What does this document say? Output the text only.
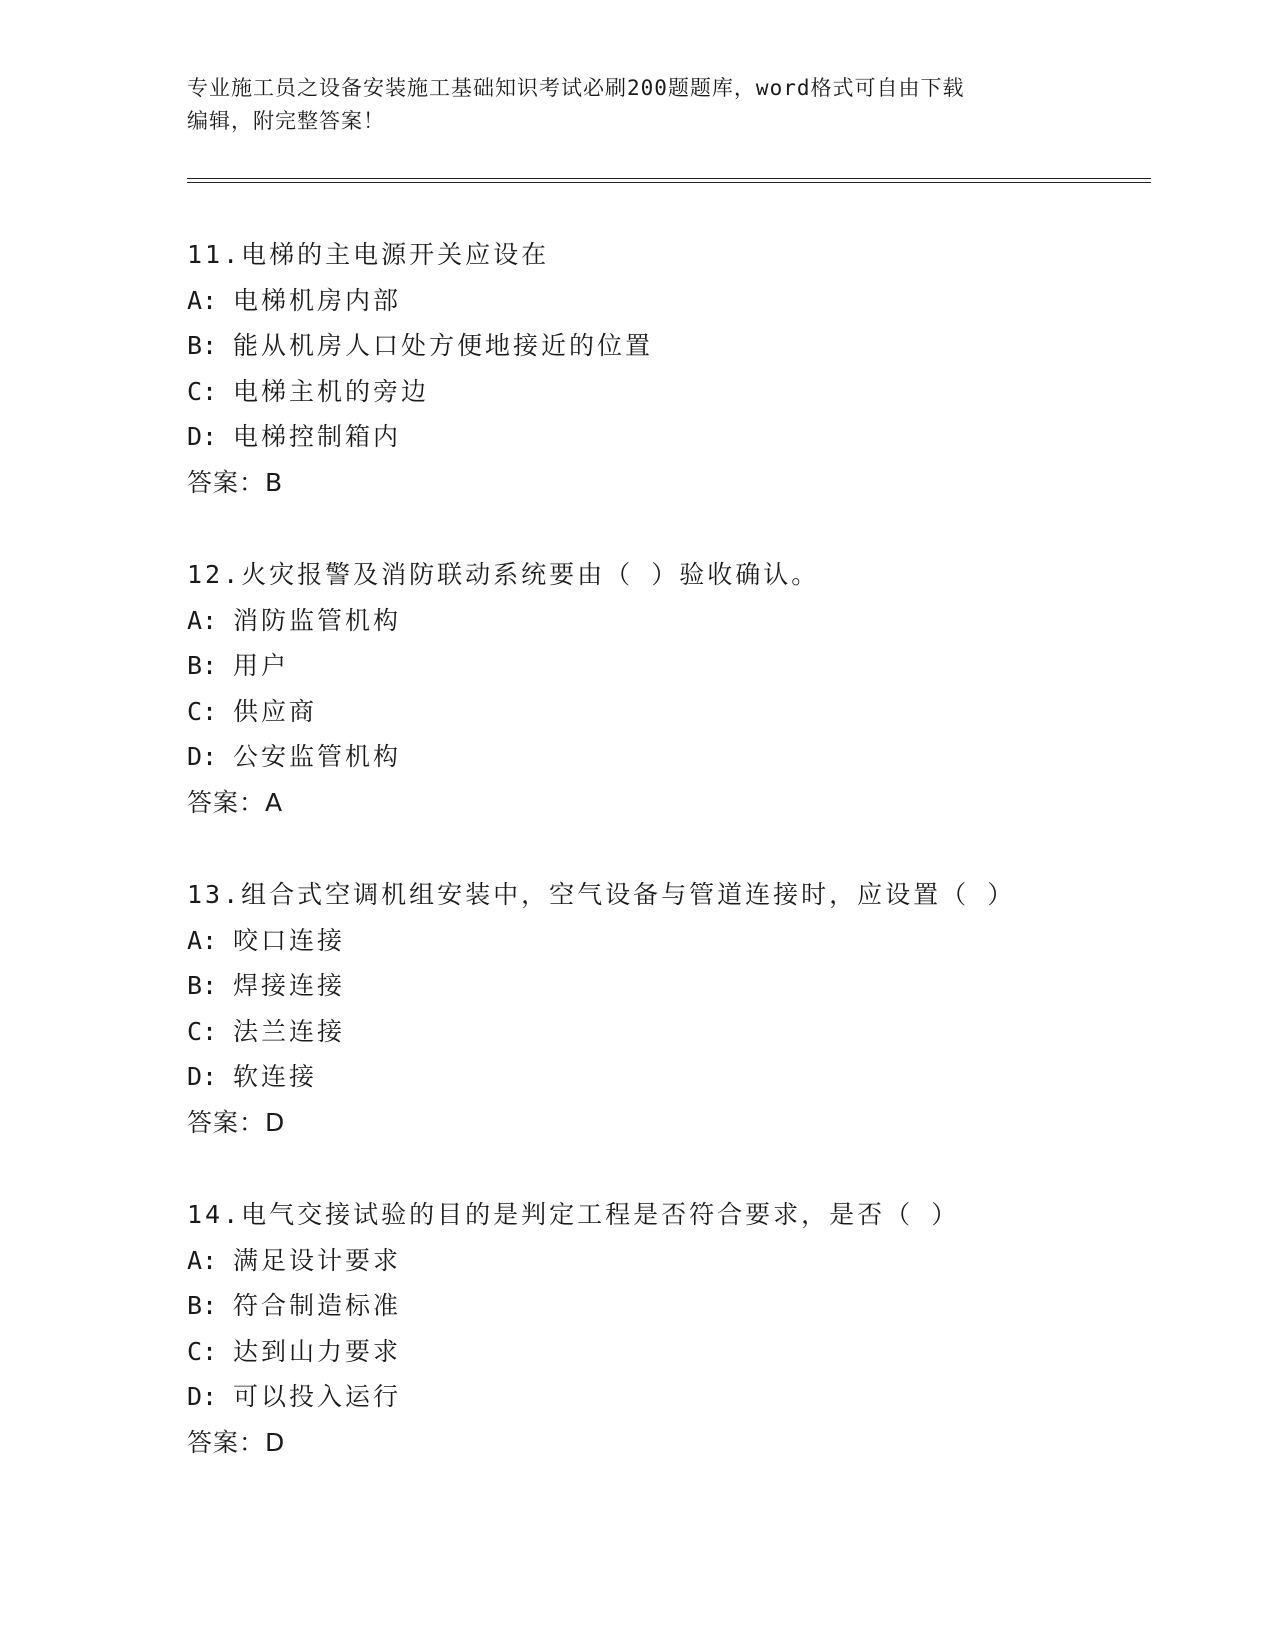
专业施工员之设备安装施工基础知识考试必刷200题题库，word格式可自由下载
编辑，附完整答案！
11.电梯的主电源开关应设在
A: 电梯机房内部
B: 能从机房人口处方便地接近的位置
C: 电梯主机的旁边
D: 电梯控制箱内
答案：B
12.火灾报警及消防联动系统要由（ ）验收确认。
A: 消防监管机构
B: 用户
C: 供应商
D: 公安监管机构
答案：A
13.组合式空调机组安装中，空气设备与管道连接时，应设置（ ）
A: 咬口连接
B: 焊接连接
C: 法兰连接
D: 软连接
答案：D
14.电气交接试验的目的是判定工程是否符合要求，是否（ ）
A: 满足设计要求
B: 符合制造标准
C: 达到山力要求
D: 可以投入运行
答案：D
